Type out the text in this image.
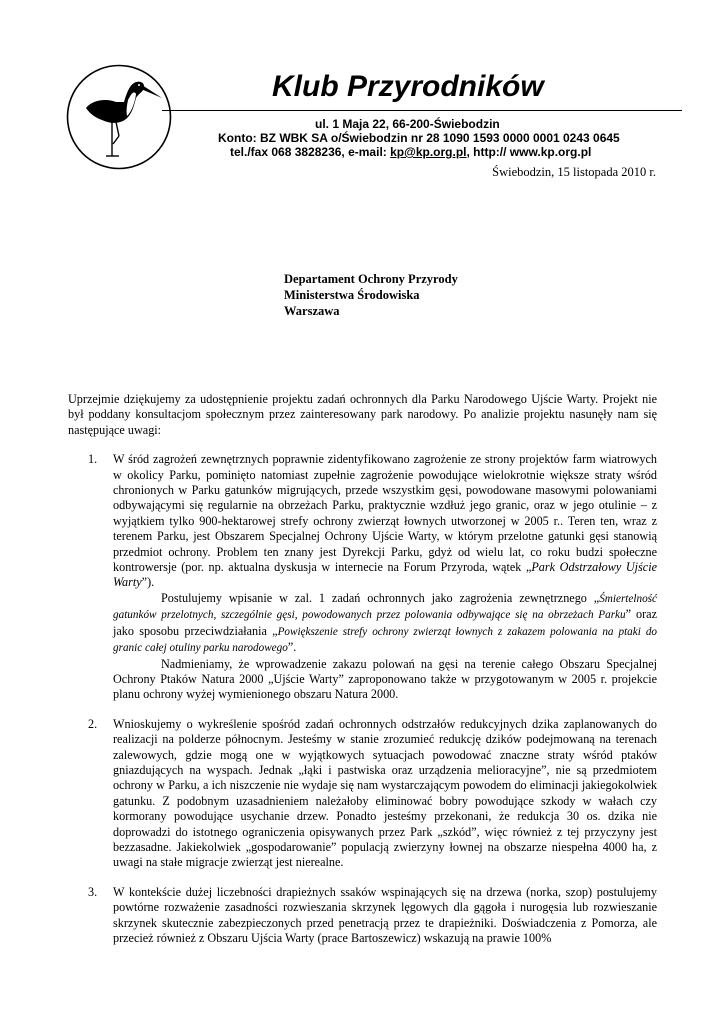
Klub Przyrodników
ul. 1 Maja 22, 66-200-Świebodzin
Konto: BZ WBK SA o/Świebodzin nr 28 1090 1593 0000 0001 0243 0645
tel./fax 068 3828236, e-mail: kp@kp.org.pl, http:// www.kp.org.pl
Świebodzin, 15 listopada 2010 r.
Departament Ochrony Przyrody
Ministerstwa Środowiska
Warszawa

Uprzejmie dziękujemy za udostępnienie projektu zadań ochronnych dla Parku Narodowego Ujście Warty. Projekt nie był poddany konsultacjom społecznym przez zainteresowany park narodowy. Po analizie projektu nasunęły nam się następujące uwagi:

1. W śród zagrożeń zewnętrznych poprawnie zidentyfikowano zagrożenie ze strony projektów farm wiatrowych w okolicy Parku, pominięto natomiast zupełnie zagrożenie powodujące wielokrotnie większe straty wśród chronionych w Parku gatunków migrujących, przede wszystkim gęsi, powodowane masowymi polowaniami odbywającymi się regularnie na obrzeżach Parku, praktycznie wzdłuż jego granic, oraz w jego otulinie – z wyjątkiem tylko 900-hektarowej strefy ochrony zwierząt łownych utworzonej w 2005 r.. Teren ten, wraz z terenem Parku, jest Obszarem Specjalnej Ochrony Ujście Warty, w którym przelotne gatunki gęsi stanowią przedmiot ochrony. Problem ten znany jest Dyrekcji Parku, gdyż od wielu lat, co roku budzi społeczne kontrowersje (por. np. aktualna dyskusja w internecie na Forum Przyroda, wątek „Park Odstrzałowy Ujście Warty”).

Postulujemy wpisanie w zal. 1 zadań ochronnych jako zagrożenia zewnętrznego „Śmiertelność gatunków przelotnych, szczególnie gęsi, powodowanych przez polowania odbywające się na obrzeżach Parku” oraz jako sposobu przeciwdziałania „Powiększenie strefy ochrony zwierząt łownych z zakazem polowania na ptaki do granic całej otuliny parku narodowego”.

Nadmieniamy, że wprowadzenie zakazu polowań na gęsi na terenie całego Obszaru Specjalnej Ochrony Ptaków Natura 2000 „Ujście Warty” zaproponowano także w przygotowanym w 2005 r. projekcie planu ochrony wyżej wymienionego obszaru Natura 2000.

2. Wnioskujemy o wykreślenie spośród zadań ochronnych odstrzałów redukcyjnych dzika zaplanowanych do realizacji na polderze północnym. Jesteśmy w stanie zrozumieć redukcję dzików podejmowaną na terenach zalewowych, gdzie mogą one w wyjątkowych sytuacjach powodować znaczne straty wśród ptaków gniazdujących na wyspach. Jednak „łąki i pastwiska oraz urządzenia melioracyjne”, nie są przedmiotem ochrony w Parku, a ich niszczenie nie wydaje się nam wystarczającym powodem do eliminacji jakiegokolwiek gatunku. Z podobnym uzasadnieniem należałoby eliminować bobry powodujące szkody w wałach czy kormorany powodujące usychanie drzew. Ponadto jesteśmy przekonani, że redukcja 30 os. dzika nie doprowadzi do istotnego ograniczenia opisywanych przez Park „szkód”, więc również z tej przyczyny jest bezzasadne. Jakiekolwiek „gospodarowanie” populacją zwierzyny łownej na obszarze niespełna 4000 ha, z uwagi na stałe migracje zwierząt jest nierealne.

3. W kontekście dużej liczebności drapieżnych ssaków wspinających się na drzewa (norka, szop) postulujemy powtórne rozważenie zasadności rozwieszania skrzynek lęgowych dla gągoła i nurogęsia lub rozwieszanie skrzynek skutecznie zabezpieczonych przed penetracją przez te drapieżniki. Doświadczenia z Pomorza, ale przecież również z Obszaru Ujścia Warty (prace Bartoszewicz) wskazują na prawie 100%
